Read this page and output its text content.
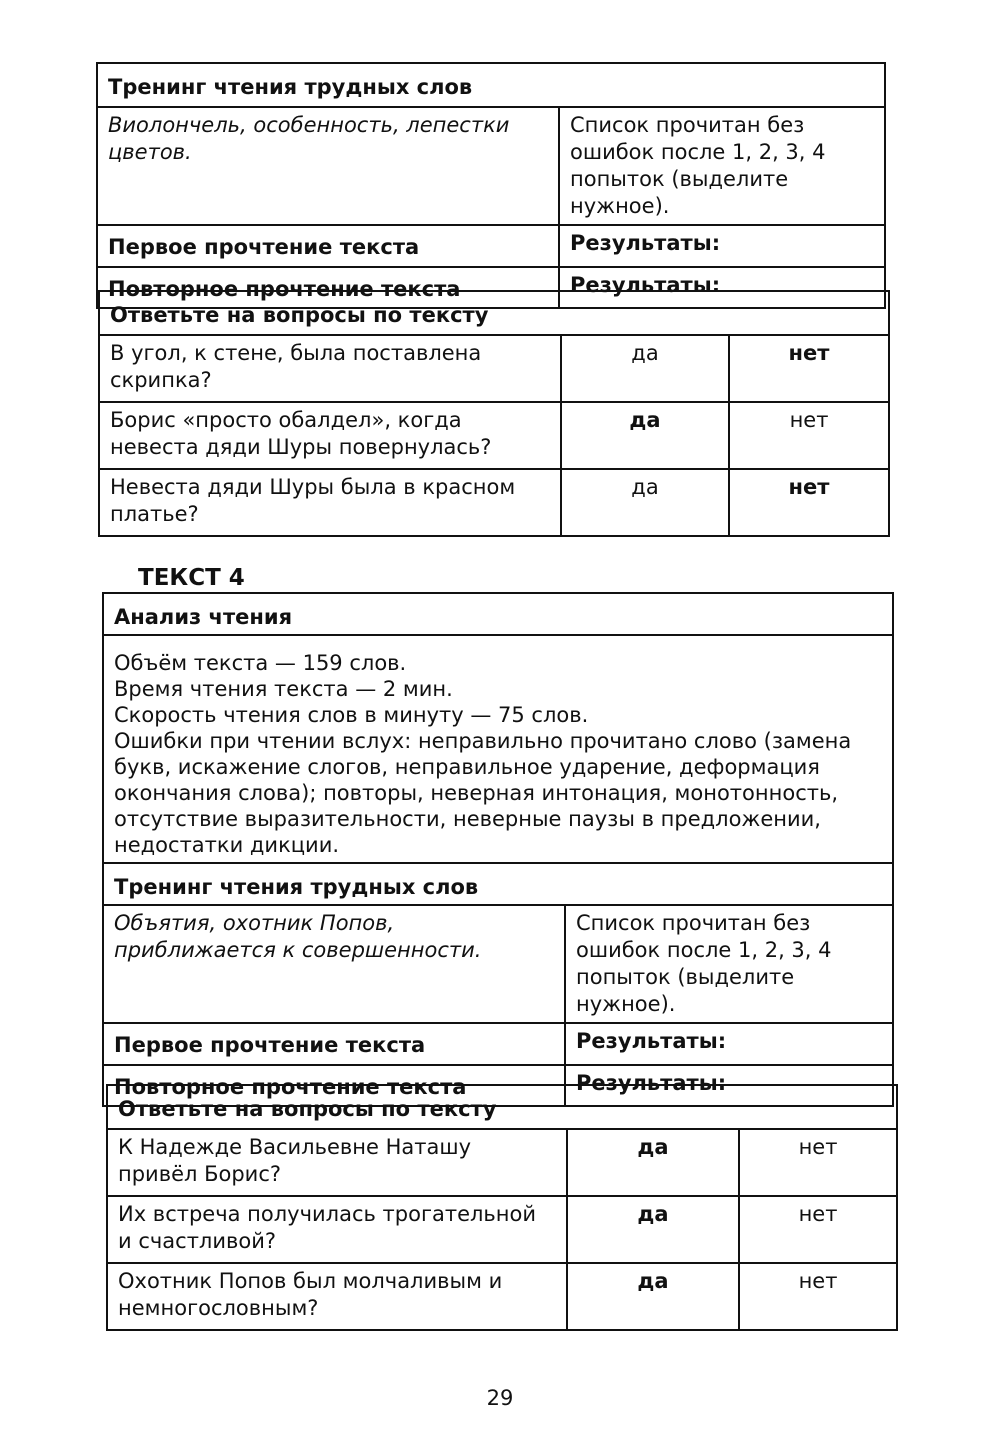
Тренинг чтения трудных слов	
Виолончель, особенность, лепестки цветов.	Список прочитан без ошибок после 1, 2, 3, 4 попыток (выделите нужное).
Первое прочтение текста	Результаты:
Повторное прочтение текста	Результаты:
Ответьте на вопросы по тексту		
В угол, к стене, была поставлена скрипка?	да	нет
Борис «просто обалдел», когда невеста дяди Шуры повернулась?	да	нет
Невеста дяди Шуры была в красном платье?	да	нет
ТЕКСТ 4
Анализ чтения	

Объём текста — 159 слов.
Время чтения текста — 2 мин.
Скорость чтения слов в минуту — 75 слов.
Ошибки при чтении вслух: неправильно прочитано слово (замена букв, искажение слогов, неправильное ударение, деформация окончания слова); повторы, неверная интонация, монотонность, отсутствие выразительности, неверные паузы в предложении, недостатки дикции.	

Тренинг чтения трудных слов	
Объятия, охотник Попов, приближается к совершенности.	Список прочитан без ошибок после 1, 2, 3, 4 попыток (выделите нужное).
Первое прочтение текста	Результаты:
Повторное прочтение текста	Результаты:
Ответьте на вопросы по тексту		
К Надежде Васильевне Наташу привёл Борис?	да	нет
Их встреча получилась трогательной и счастливой?	да	нет
Охотник Попов был молчаливым и немногословным?	да	нет
29
